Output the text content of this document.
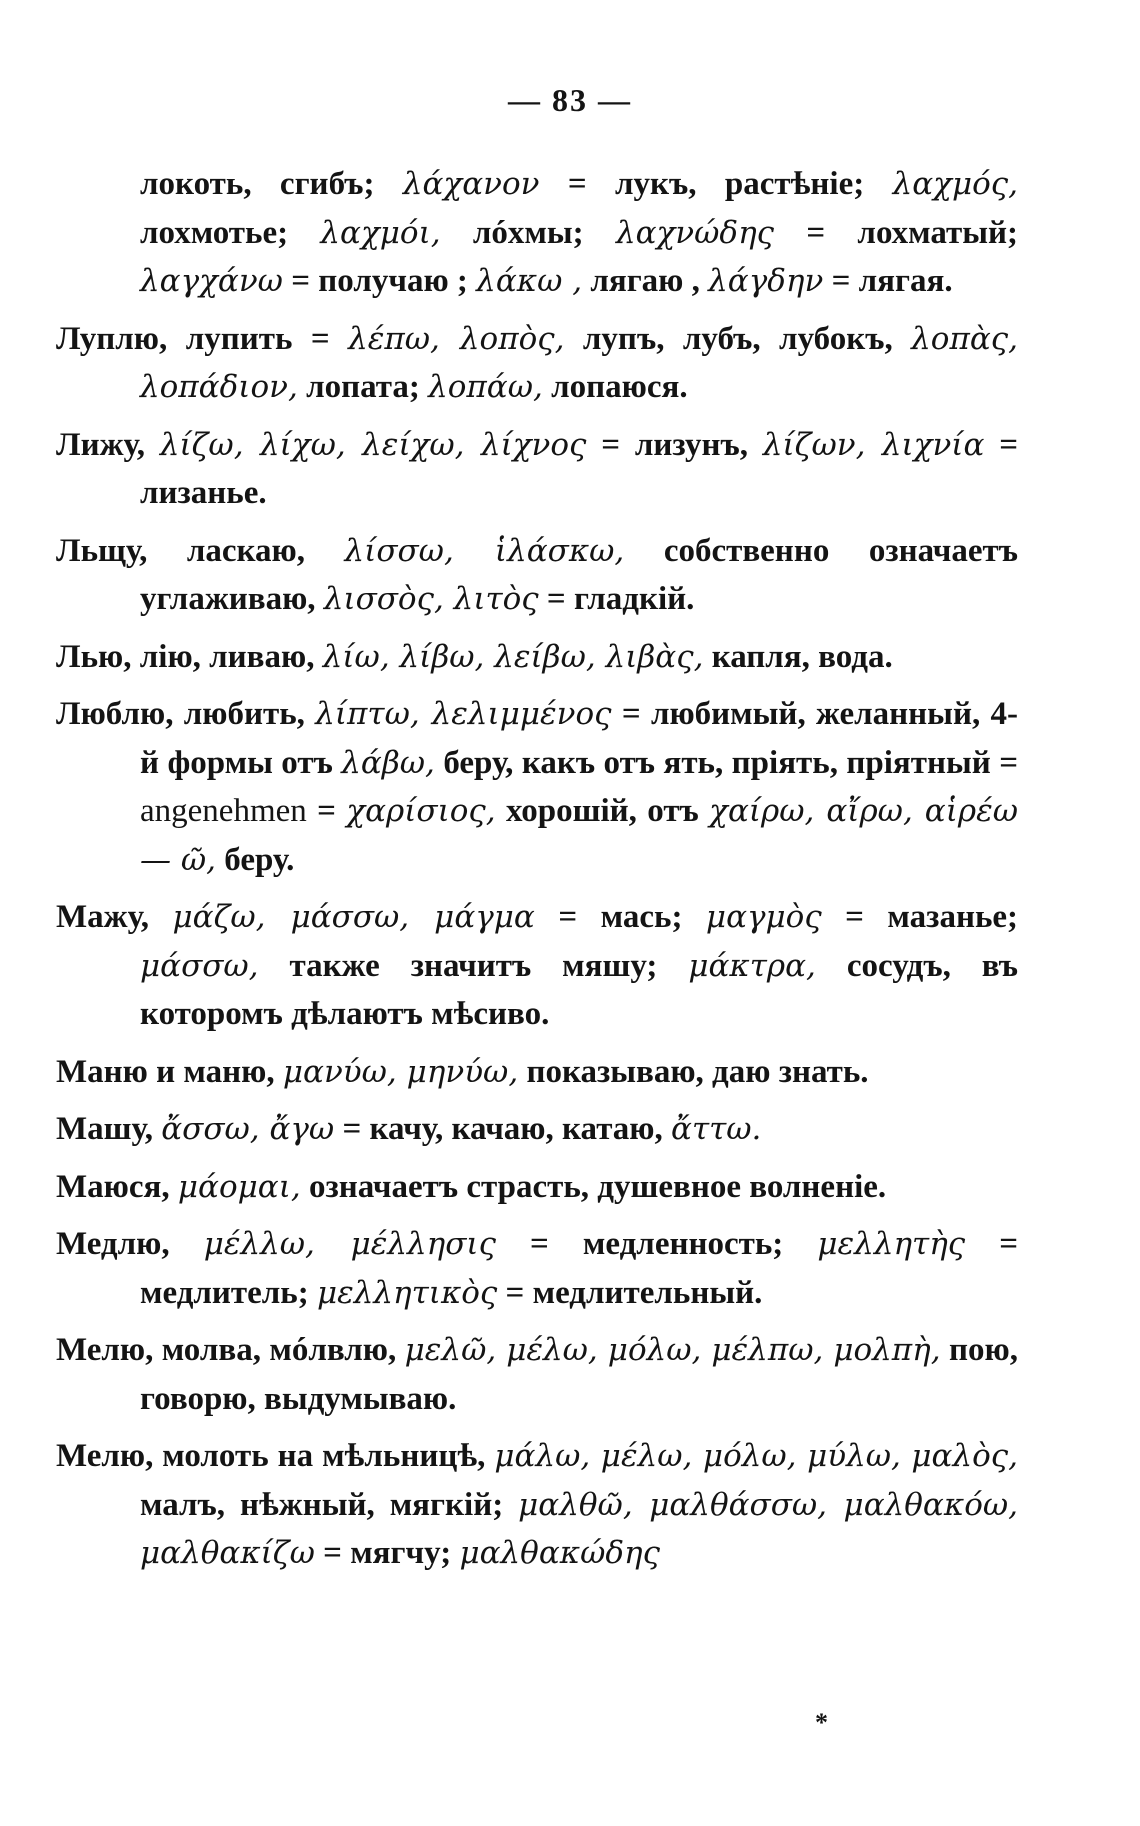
— 83 —

локоть, сгибъ; λάχανον = лукъ, растѣніе; λαχμός, лохмотье; λαχμόι, лóхмы; λαχνώδης = лохматый; λαγχάνω = получаю ; λάκω , лягаю , λάγδην = лягая.

Луплю, лупить = λέπω, λοπὸς, лупъ, лубъ, лубокъ, λοπὰς, λοπάδιον, лопата; λοπάω, лопаюся.

Лижу, λίζω, λίχω, λείχω, λίχνος = лизунъ, λίζων, λιχνία = лизанье.

Льщу, ласкаю, λίσσω, ἱλάσκω, собственно означаетъ углаживаю, λισσὸς, λιτὸς = гладкій.

Лью, лію, ливаю, λίω, λίβω, λείβω, λιβὰς, капля, вода.

Люблю, любить, λίπτω, λελιμμένος = любимый, желанный, 4-й формы отъ λάβω, беру, какъ отъ ять, пріять, пріятный = angenehmen = χαρίσιος, хорошій, отъ χαίρω, αἴρω, αἱρέω — ῶ, беру.

Мажу, μάζω, μάσσω, μάγμα = мась; μαγμὸς = мазанье; μάσσω, также значитъ мяшу; μάκτρα, сосудъ, въ которомъ дѣлаютъ мѣсиво.

Маню и маню, μανύω, μηνύω, показываю, даю знать.

Машу, ἄσσω, ἄγω = качу, качаю, катаю, ἄττω.

Маюся, μάομαι, означаетъ страсть, душевное волненіе.

Медлю, μέλλω, μέλλησις = медленность; μελλητὴς = медлитель; μελλητικὸς = медлительный.

Мелю, молва, мóлвлю, μελῶ, μέλω, μόλω, μέλπω, μολπὴ, пою, говорю, выдумываю.

Мелю, молоть на мѣльницѣ, μάλω, μέλω, μόλω, μύλω, μαλὸς, малъ, нѣжный, мягкій; μαλθῶ, μαλθάσσω, μαλθακόω, μαλθακίζω = мягчу; μαλθακώδης

*
